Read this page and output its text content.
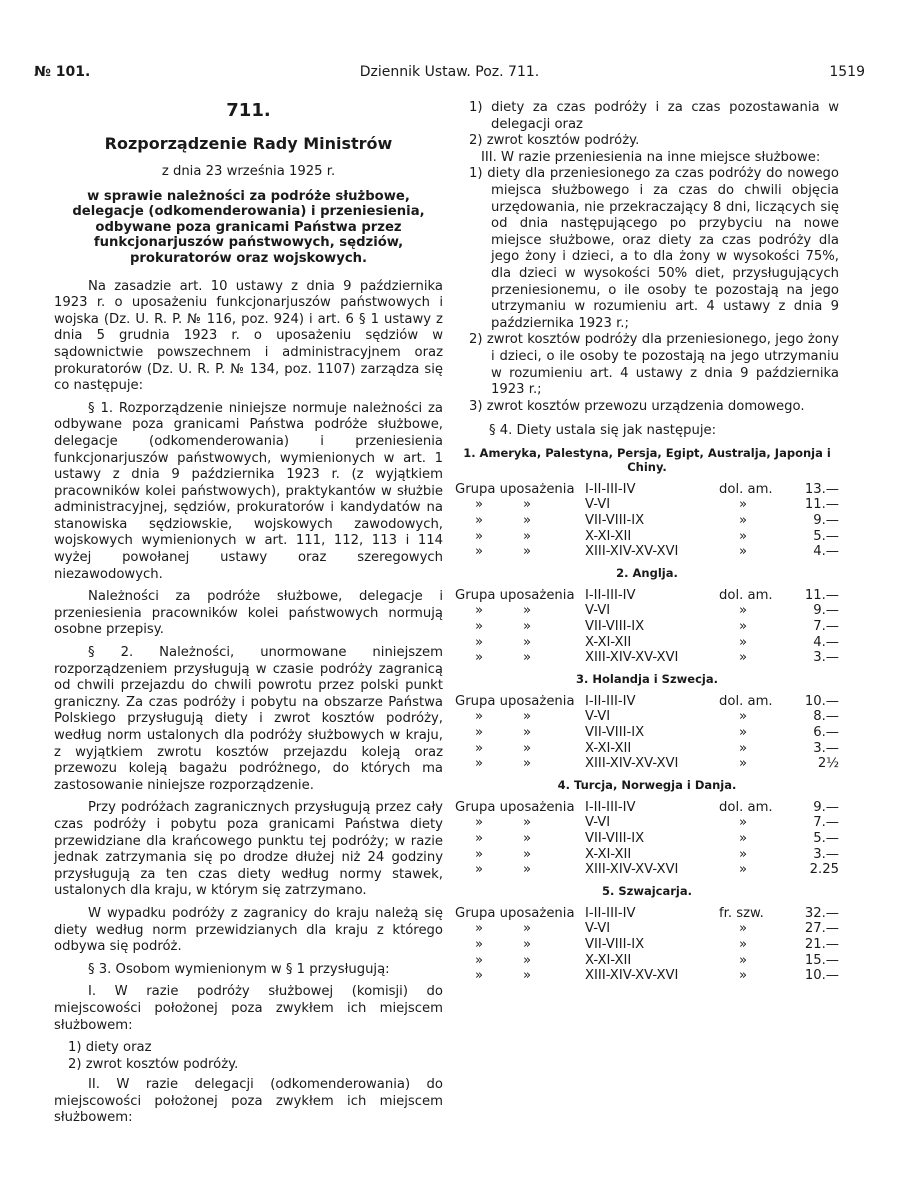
№ 101.	Dziennik Ustaw. Poz. 711.	1519
711.
Rozporządzenie Rady Ministrów
z dnia 23 września 1925 r.
w sprawie należności za podróże służbowe, delegacje (odkomenderowania) i przeniesienia, odbywane poza granicami Państwa przez funkcjonarjuszów państwowych, sędziów, prokuratorów oraz wojskowych.

Na zasadzie art. 10 ustawy z dnia 9 października 1923 r. o uposażeniu funkcjonarjuszów państwowych i wojska (Dz. U. R. P. № 116, poz. 924) i art. 6 § 1 ustawy z dnia 5 grudnia 1923 r. o uposażeniu sędziów w sądownictwie powszechnem i administracyjnem oraz prokuratorów (Dz. U. R. P. № 134, poz. 1107) zarządza się co następuje:

§ 1. Rozporządzenie niniejsze normuje należności za odbywane poza granicami Państwa podróże służbowe, delegacje (odkomenderowania) i przeniesienia funkcjonarjuszów państwowych, wymienionych w art. 1 ustawy z dnia 9 października 1923 r. (z wyjątkiem pracowników kolei państwowych), praktykantów w służbie administracyjnej, sędziów, prokuratorów i kandydatów na stanowiska sędziowskie, wojskowych zawodowych, wojskowych wymienionych w art. 111, 112, 113 i 114 wyżej powołanej ustawy oraz szeregowych niezawodowych.

Należności za podróże służbowe, delegacje i przeniesienia pracowników kolei państwowych normują osobne przepisy.

§ 2. Należności, unormowane niniejszem rozporządzeniem przysługują w czasie podróży zagranicą od chwili przejazdu do chwili powrotu przez polski punkt graniczny. Za czas podróży i pobytu na obszarze Państwa Polskiego przysługują diety i zwrot kosztów podróży, według norm ustalonych dla podróży służbowych w kraju, z wyjątkiem zwrotu kosztów przejazdu koleją oraz przewozu koleją bagażu podróżnego, do których ma zastosowanie niniejsze rozporządzenie.

Przy podróżach zagranicznych przysługują przez cały czas podróży i pobytu poza granicami Państwa diety przewidziane dla krańcowego punktu tej podróży; w razie jednak zatrzymania się po drodze dłużej niż 24 godziny przysługują za ten czas diety według normy stawek, ustalonych dla kraju, w którym się zatrzymano.

W wypadku podróży z zagranicy do kraju należą się diety według norm przewidzianych dla kraju z którego odbywa się podróż.

§ 3. Osobom wymienionym w § 1 przysługują:

I. W razie podróży służbowej (komisji) do miejscowości położonej poza zwykłem ich miejscem służbowem:

1) diety oraz
2) zwrot kosztów podróży.

II. W razie delegacji (odkomenderowania) do miejscowości położonej poza zwykłem ich miejscem służbowem:

1) diety za czas podróży i za czas pozostawania w delegacji oraz
2) zwrot kosztów podróży.

III. W razie przeniesienia na inne miejsce służbowe:

1) diety dla przeniesionego za czas podróży do nowego miejsca służbowego i za czas do chwili objęcia urzędowania, nie przekraczający 8 dni, liczących się od dnia następującego po przybyciu na nowe miejsce służbowe, oraz diety za czas podróży dla jego żony i dzieci, a to dla żony w wysokości 75%, dla dzieci w wysokości 50% diet, przysługujących przeniesionemu, o ile osoby te pozostają na jego utrzymaniu w rozumieniu art. 4 ustawy z dnia 9 października 1923 r.;
2) zwrot kosztów podróży dla przeniesionego, jego żony i dzieci, o ile osoby te pozostają na jego utrzymaniu w rozumieniu art. 4 ustawy z dnia 9 października 1923 r.;
3) zwrot kosztów przewozu urządzenia domowego.

§ 4. Diety ustala się jak następuje:

1. Ameryka, Palestyna, Persja, Egipt, Australja, Japonja i Chiny.
Grupa uposażenia	I-II-III-IV	dol. am.	13.—
» »	V-VI	»	11.—
» »	VII-VIII-IX	»	9.—
» »	X-XI-XII	»	5.—
» »	XIII-XIV-XV-XVI	»	4.—
2. Anglja.
Grupa uposażenia	I-II-III-IV	dol. am.	11.—
» »	V-VI	»	9.—
» »	VII-VIII-IX	»	7.—
» »	X-XI-XII	»	4.—
» »	XIII-XIV-XV-XVI	»	3.—
3. Holandja i Szwecja.
Grupa uposażenia	I-II-III-IV	dol. am.	10.—
» »	V-VI	»	8.—
» »	VII-VIII-IX	»	6.—
» »	X-XI-XII	»	3.—
» »	XIII-XIV-XV-XVI	»	2½
4. Turcja, Norwegja i Danja.
Grupa uposażenia	I-II-III-IV	dol. am.	9.—
» »	V-VI	»	7.—
» »	VII-VIII-IX	»	5.—
» »	X-XI-XII	»	3.—
» »	XIII-XIV-XV-XVI	»	2.25
5. Szwajcarja.
Grupa uposażenia	I-II-III-IV	fr. szw.	32.—
» »	V-VI	»	27.—
» »	VII-VIII-IX	»	21.—
» »	X-XI-XII	»	15.—
» »	XIII-XIV-XV-XVI	»	10.—
